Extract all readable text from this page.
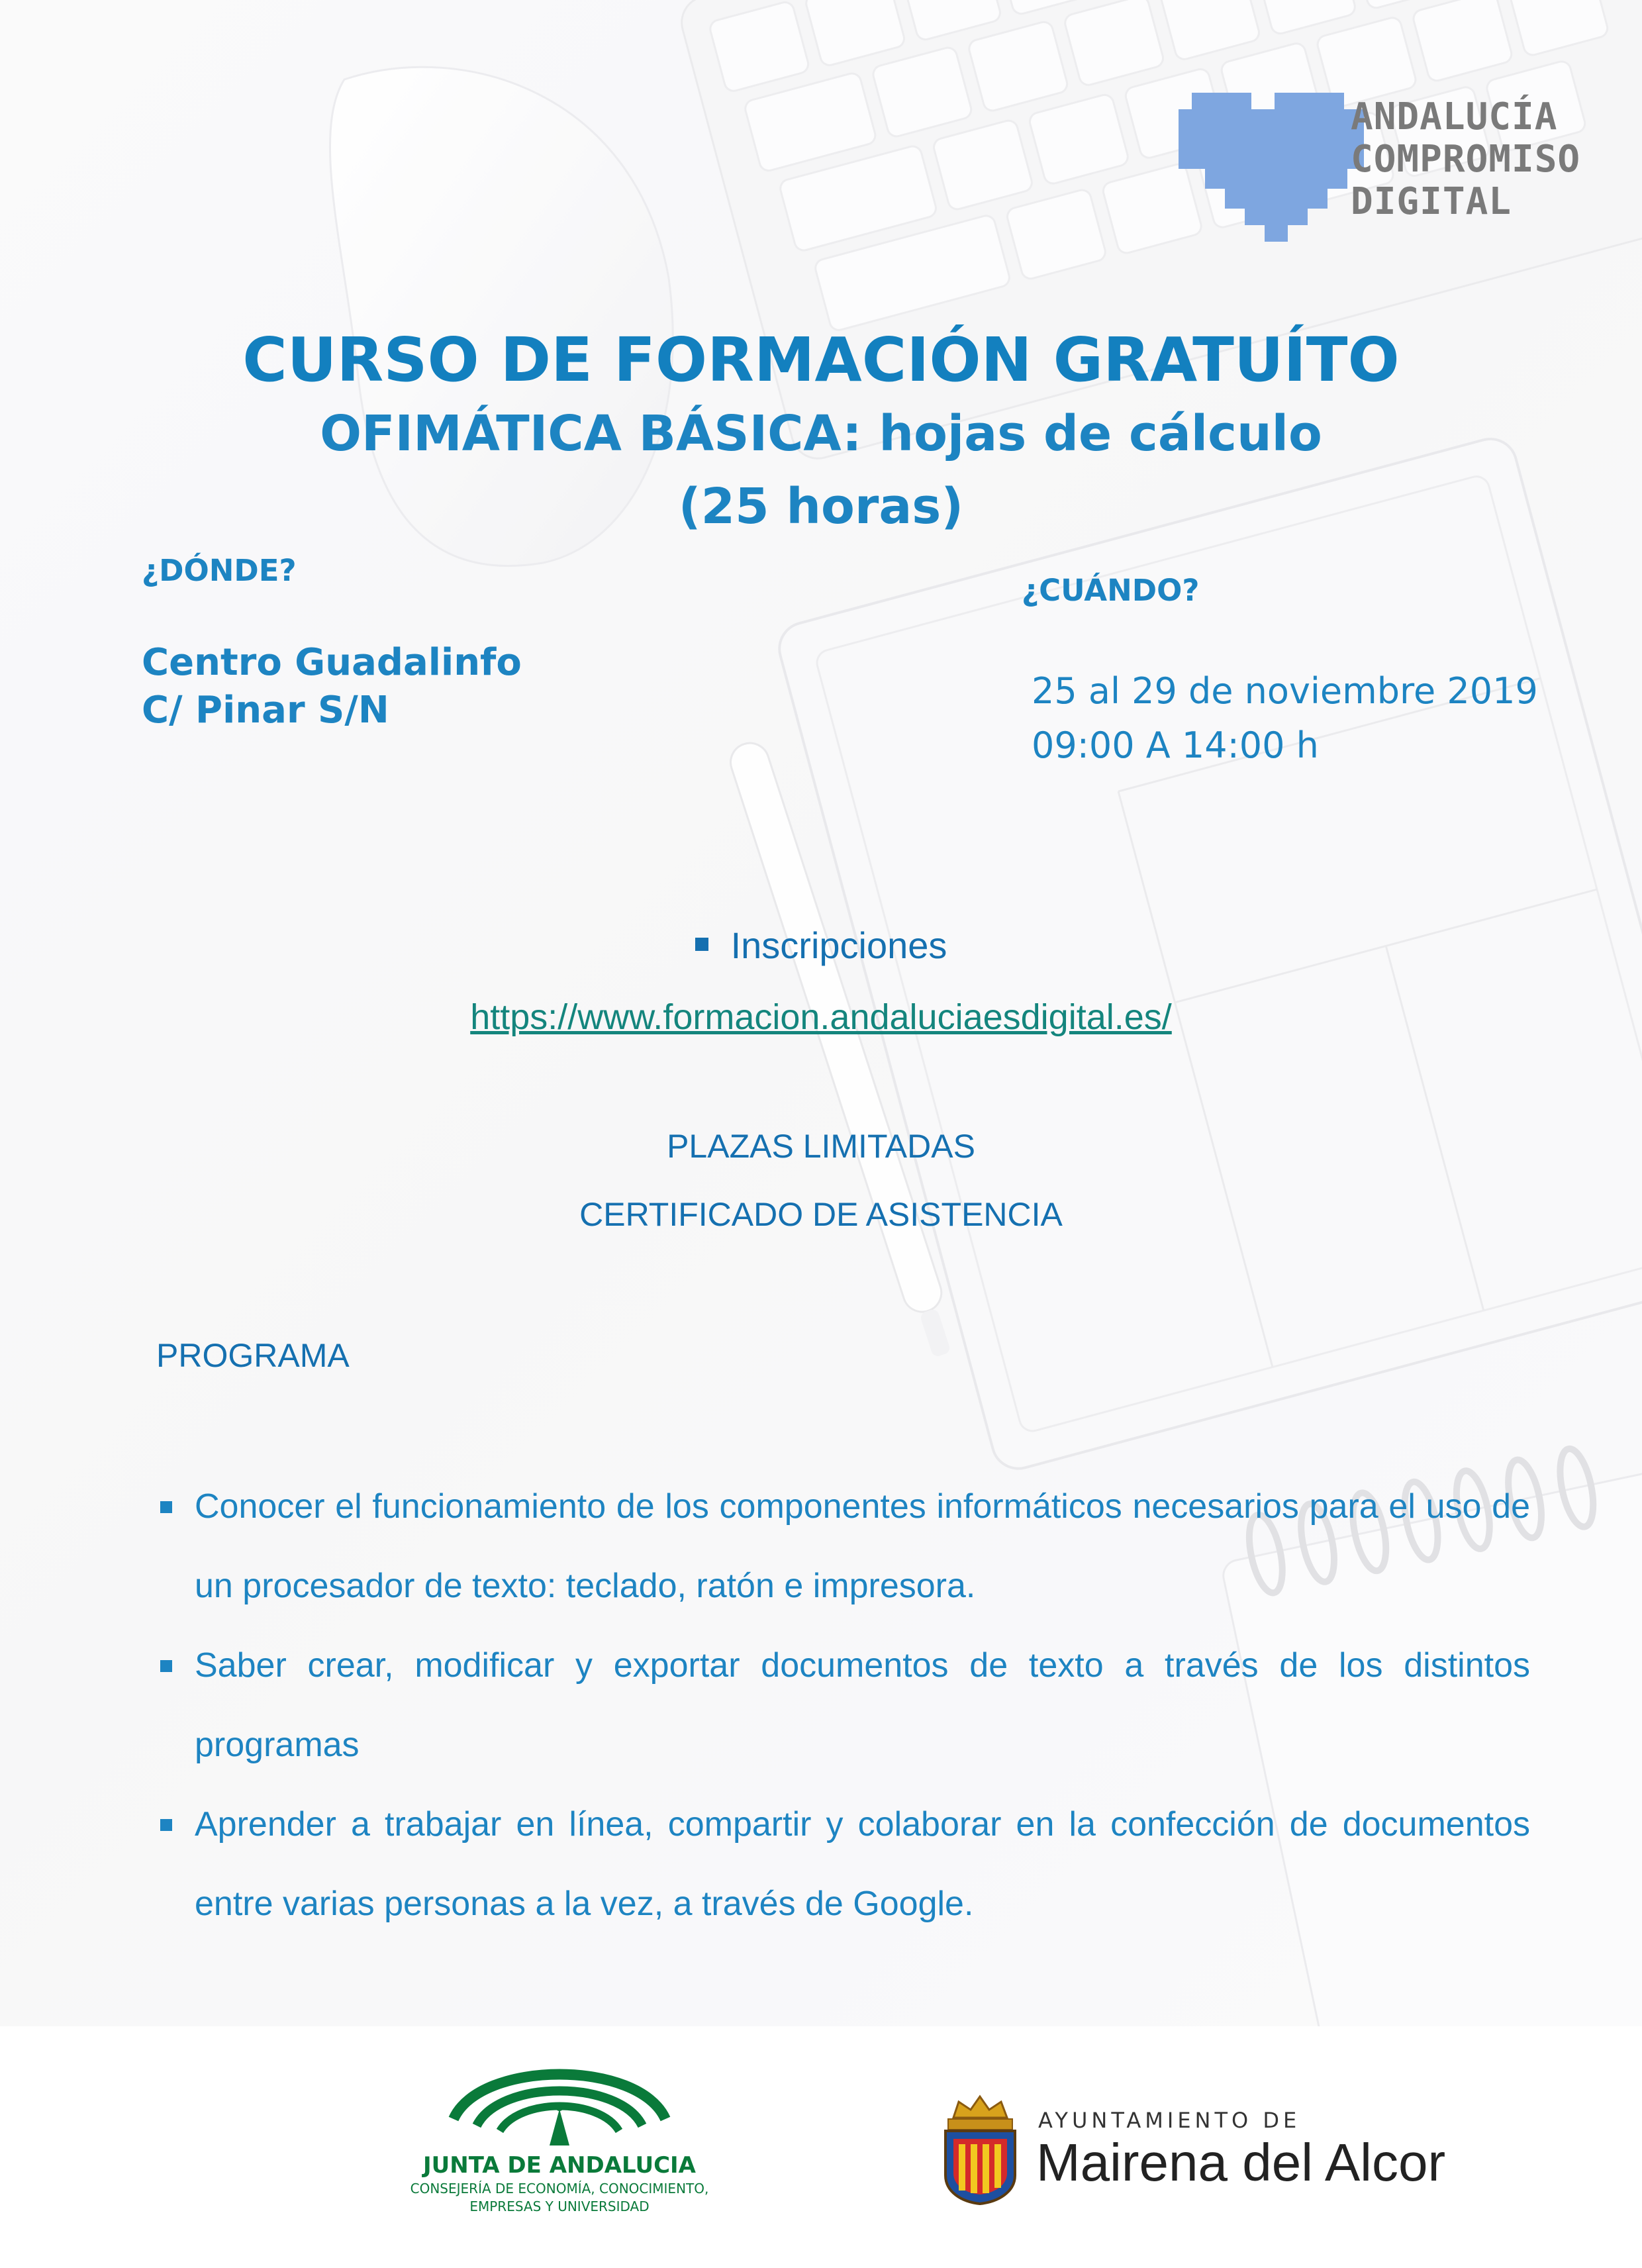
ANDALUCÍA
COMPROMISO
DIGITAL
CURSO DE FORMACIÓN GRATUÍTO
OFIMÁTICA BÁSICA: hojas de cálculo
(25 horas)
¿DÓNDE?
Centro Guadalinfo
C/ Pinar S/N
¿CUÁNDO?
25 al 29 de noviembre 2019
09:00 A 14:00 h
Inscripciones
https://www.formacion.andaluciaesdigital.es/
PLAZAS LIMITADAS
CERTIFICADO DE ASISTENCIA
PROGRAMA
Conocer el funcionamiento de los componentes informáticos necesarios para el uso de un procesador de texto: teclado, ratón e impresora.
Saber crear, modificar y exportar documentos de texto a través de los distintos programas
Aprender a trabajar en línea, compartir y colaborar en la confección de documentos entre varias personas a la vez, a través de Google.
JUNTA DE ANDALUCIA
CONSEJERÍA DE ECONOMÍA, CONOCIMIENTO,
EMPRESAS Y UNIVERSIDAD
AYUNTAMIENTO DE
Mairena del Alcor
